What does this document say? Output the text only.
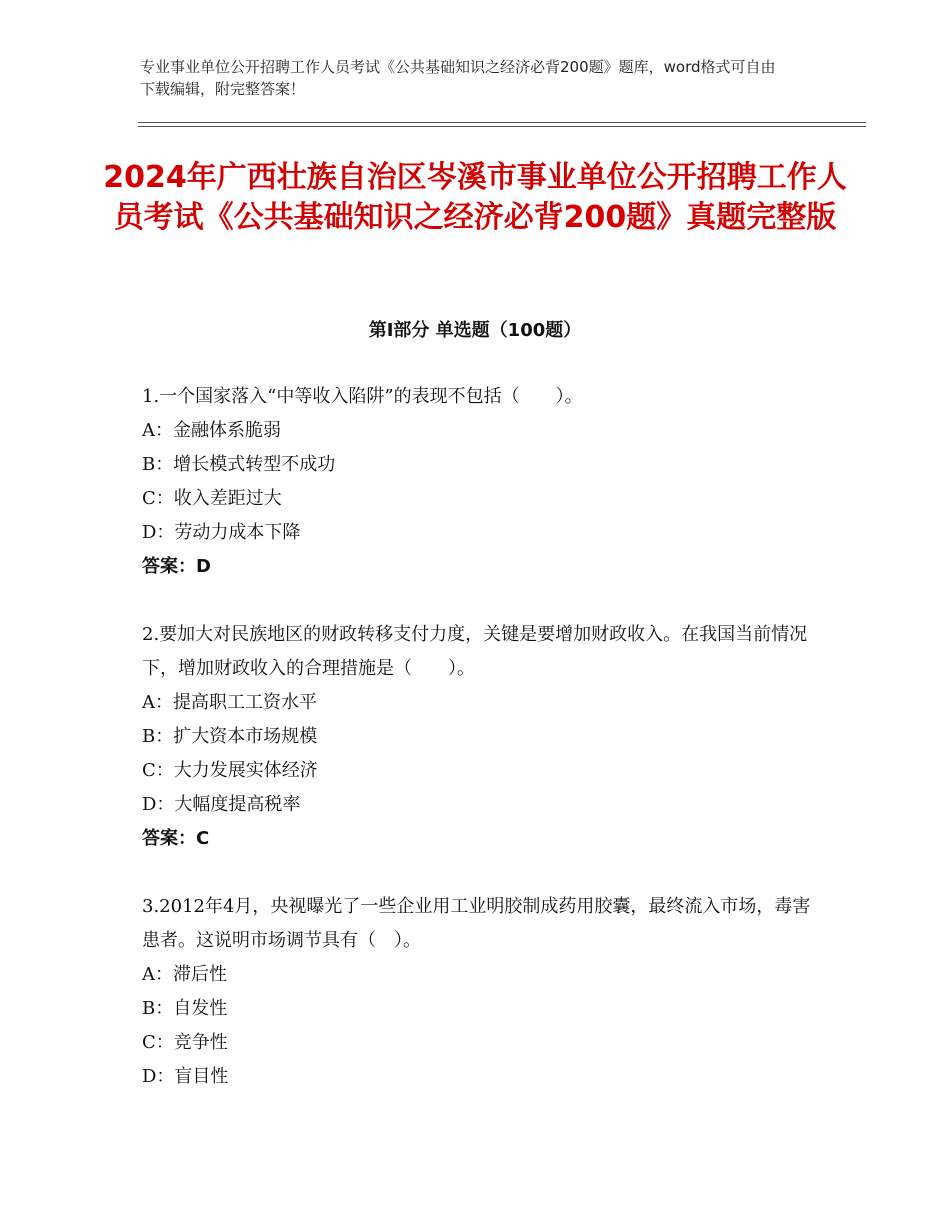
专业事业单位公开招聘工作人员考试《公共基础知识之经济必背200题》题库，word格式可自由下载编辑，附完整答案！
2024年广西壮族自治区岑溪市事业单位公开招聘工作人员考试《公共基础知识之经济必背200题》真题完整版
第Ⅰ部分 单选题（100题）
1.一个国家落入“中等收入陷阱”的表现不包括（　　）。
A：金融体系脆弱
B：增长模式转型不成功
C：收入差距过大
D：劳动力成本下降
答案：D
2.要加大对民族地区的财政转移支付力度，关键是要增加财政收入。在我国当前情况下，增加财政收入的合理措施是（　　）。
A：提高职工工资水平
B：扩大资本市场规模
C：大力发展实体经济
D：大幅度提高税率
答案：C
3.2012年4月，央视曝光了一些企业用工业明胶制成药用胶囊，最终流入市场，毒害患者。这说明市场调节具有（　）。
A：滞后性
B：自发性
C：竞争性
D：盲目性
